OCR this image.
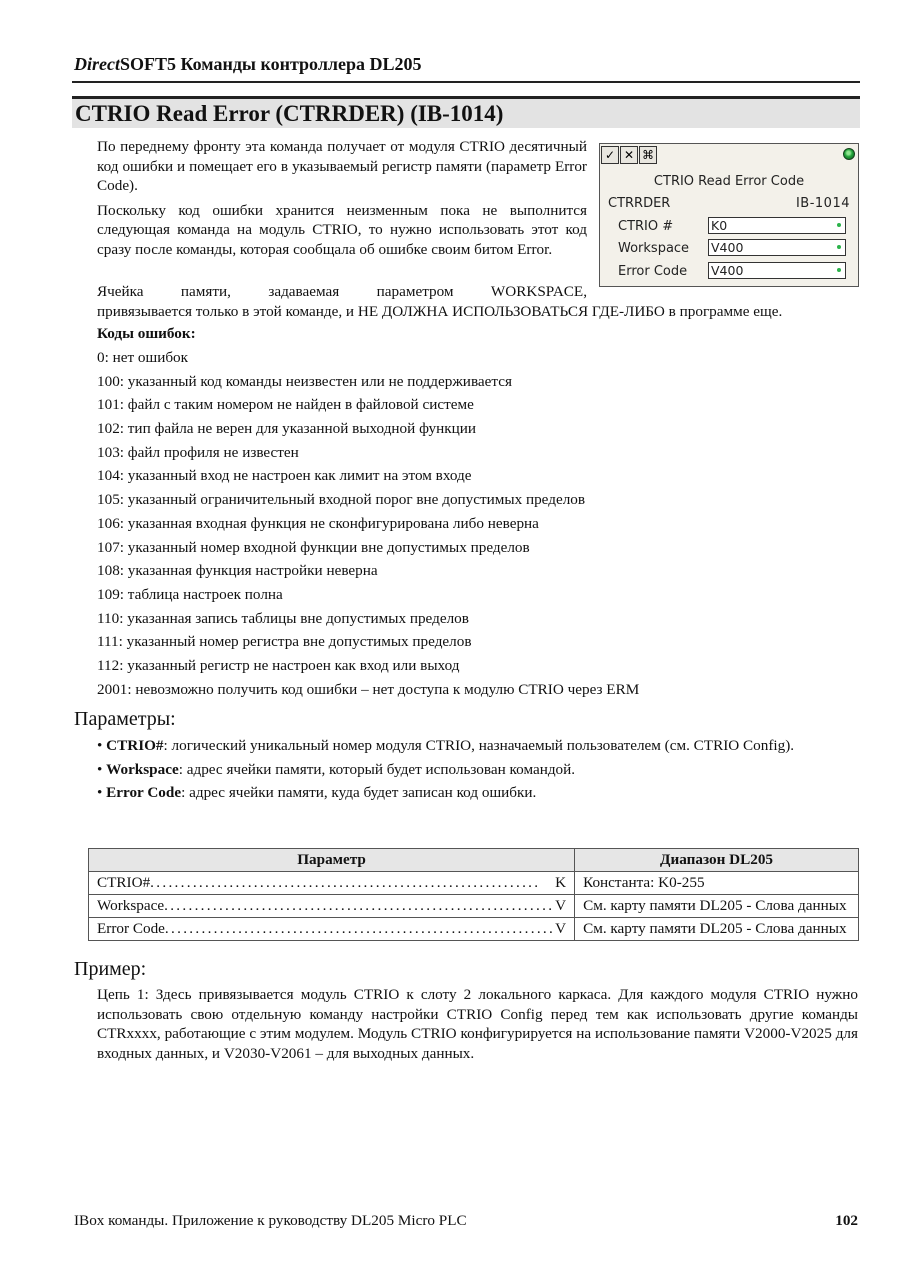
DirectSOFT5 Команды контроллера DL205
CTRIO Read Error (CTRRDER) (IB-1014)

По переднему фронту эта команда получает от модуля CTRIO десятичный код ошибки и помещает его в указываемый регистр памяти (параметр Error Code).

Поскольку код ошибки хранится неизменным пока не выполнится следующая команда на модуль CTRIO, то нужно использовать этот код сразу после команды, которая сообщала об ошибке своим битом Error.

✓ ✕ ⌘
CTRIO Read Error Code
CTRRDER	IB-1014
CTRIO #	K0
Workspace V400
Error Code V400
Ячейка памяти, задаваемая параметром WORKSPACE,
привязывается только в этой команде, и НЕ ДОЛЖНА ИСПОЛЬЗОВАТЬСЯ ГДЕ-ЛИБО в программе еще.
Коды ошибок:
0: нет ошибок
100: указанный код команды неизвестен или не поддерживается
101: файл с таким номером не найден в файловой системе
102: тип файла не верен для указанной выходной функции
103: файл профиля не известен
104: указанный вход не настроен как лимит на этом входе
105: указанный ограничительный входной порог вне допустимых пределов
106: указанная входная функция не сконфигурирована либо неверна
107: указанный номер входной функции вне допустимых пределов
108: указанная функция настройки неверна
109: таблица настроек полна
110: указанная запись таблицы вне допустимых пределов
111: указанный номер регистра вне допустимых пределов
112: указанный регистр не настроен как вход или выход
2001: невозможно получить код ошибки – нет доступа к модулю CTRIO через ERM
Параметры:

• CTRIO#: логический уникальный номер модуля CTRIO, назначаемый пользователем (см. CTRIO Config).

• Workspace: адрес ячейки памяти, который будет использован командой.

• Error Code: адрес ячейки памяти, куда будет записан код ошибки.

Параметр	Диапазон DL205

CTRIO# ................................................................ K	Константа: K0-255

Workspace ................................................................ V	См. карту памяти DL205 - Слова данных

Error Code ................................................................ V	См. карту памяти DL205 - Слова данных
Пример:

Цепь 1: Здесь привязывается модуль CTRIO к слоту 2 локального каркаса. Для каждого модуля CTRIO нужно использовать свою отдельную команду настройки CTRIO Config перед тем как использовать другие команды CTRxxxx, работающие с этим модулем. Модуль CTRIO конфигурируется на использование памяти V2000-V2025 для входных данных, и V2030-V2061 – для выходных данных.

IBox команды. Приложение к руководству DL205 Micro PLC	102
